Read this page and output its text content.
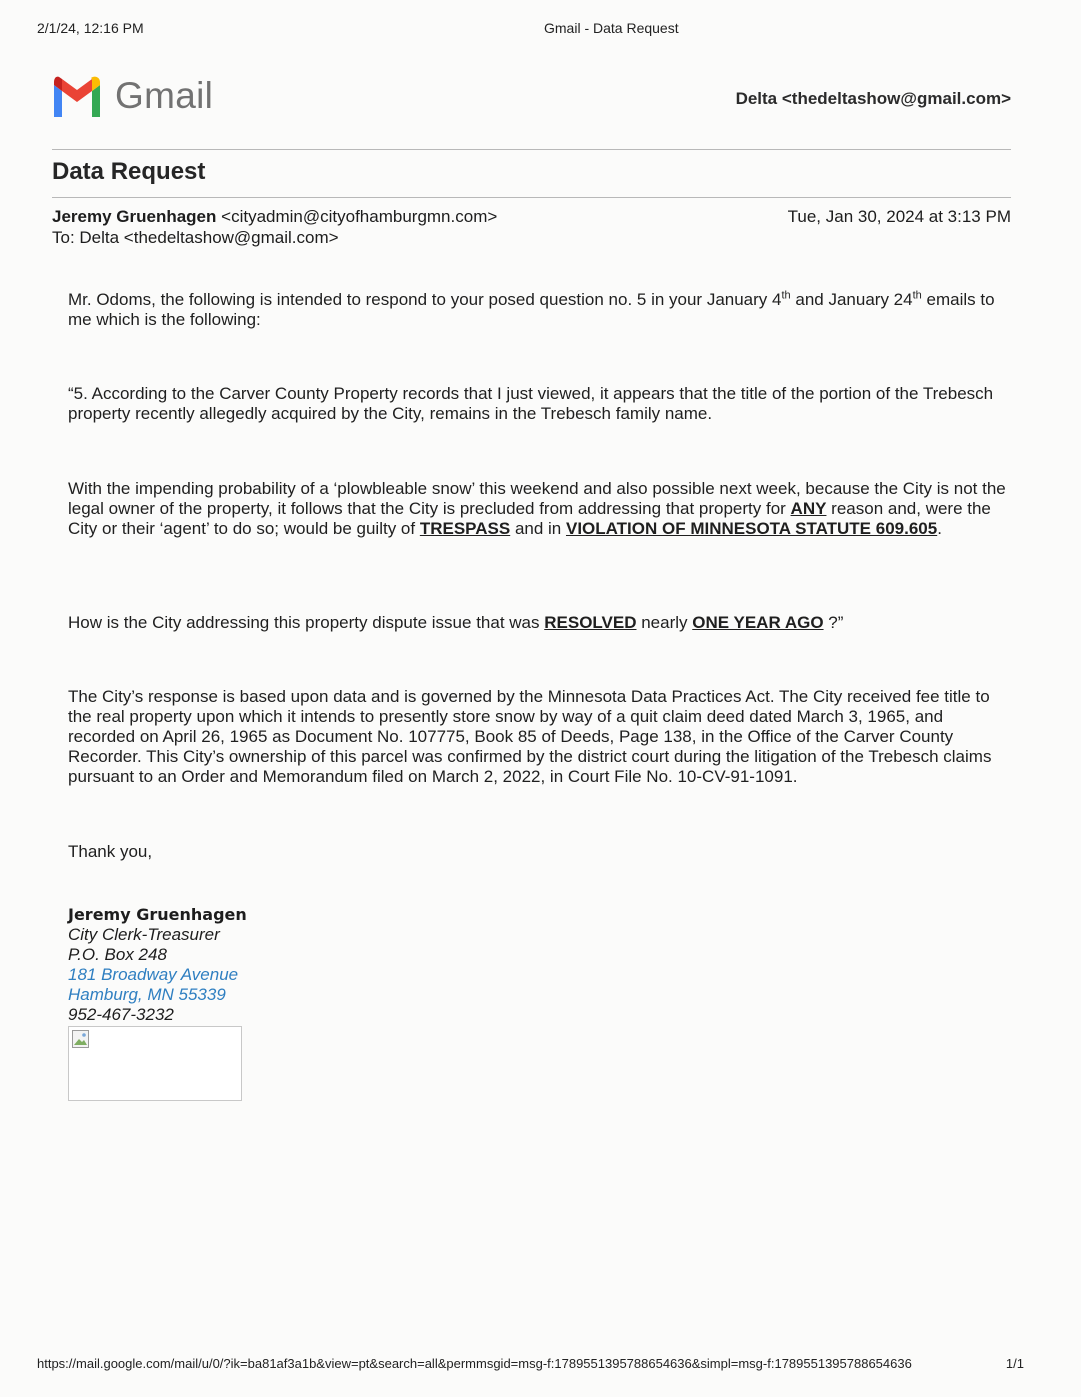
2/1/24, 12:16 PM	Gmail - Data Request
Gmail	Delta <thedeltashow@gmail.com>
Data Request
Jeremy Gruenhagen <cityadmin@cityofhamburgmn.com>
To: Delta <thedeltashow@gmail.com>
Tue, Jan 30, 2024 at 3:13 PM
Mr. Odoms, the following is intended to respond to your posed question no. 5 in your January 4th and January 24th emails to me which is the following:
“5. According to the Carver County Property records that I just viewed, it appears that the title of the portion of the Trebesch property recently allegedly acquired by the City, remains in the Trebesch family name.
With the impending probability of a ‘plowbleable snow’ this weekend and also possible next week, because the City is not the legal owner of the property, it follows that the City is precluded from addressing that property for ANY reason and, were the City or their ‘agent’ to do so; would be guilty of TRESPASS and in VIOLATION OF MINNESOTA STATUTE 609.605.
How is the City addressing this property dispute issue that was RESOLVED nearly ONE YEAR AGO ?”
The City’s response is based upon data and is governed by the Minnesota Data Practices Act. The City received fee title to the real property upon which it intends to presently store snow by way of a quit claim deed dated March 3, 1965, and recorded on April 26, 1965 as Document No. 107775, Book 85 of Deeds, Page 138, in the Office of the Carver County Recorder. This City’s ownership of this parcel was confirmed by the district court during the litigation of the Trebesch claims pursuant to an Order and Memorandum filed on March 2, 2022, in Court File No. 10-CV-91-1091.
Thank you,
Jeremy Gruenhagen
City Clerk-Treasurer
P.O. Box 248
181 Broadway Avenue
Hamburg, MN 55339
952-467-3232
https://mail.google.com/mail/u/0/?ik=ba81af3a1b&view=pt&search=all&permmsgid=msg-f:1789551395788654636&simpl=msg-f:1789551395788654636	1/1
